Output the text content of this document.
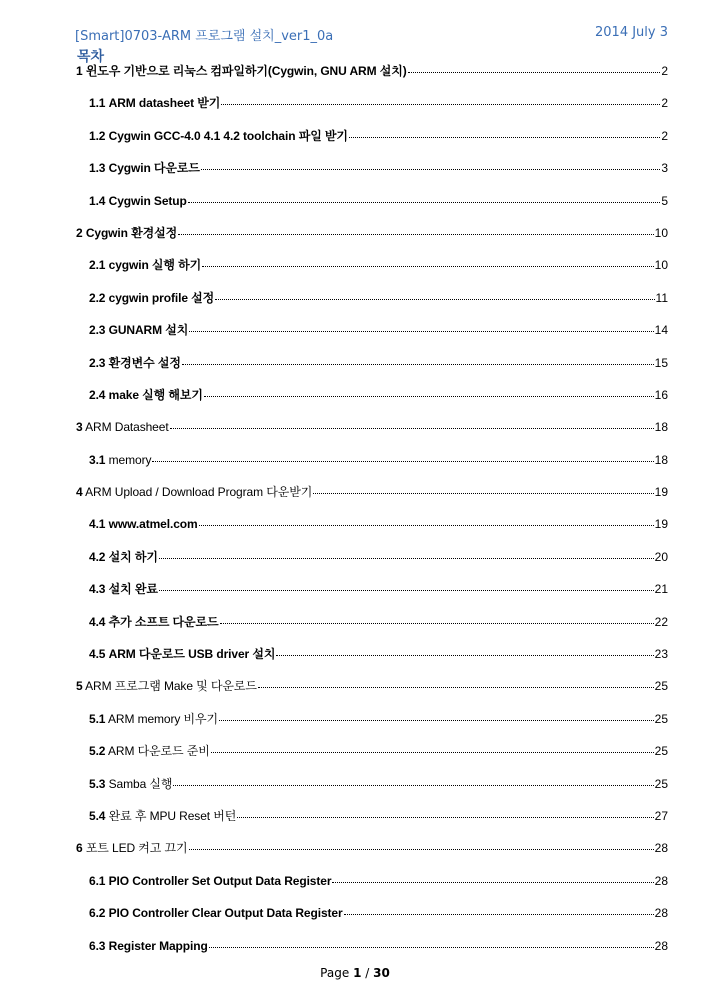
[Smart]0703-ARM 프로그램 설치_ver1_0a	2014 July 3
목차
1 윈도우 기반으로 리눅스 컴파일하기(Cygwin, GNU ARM 설치)	2
1.1 ARM datasheet 받기	2
1.2 Cygwin GCC-4.0 4.1 4.2 toolchain 파일 받기	2
1.3 Cygwin 다운로드	3
1.4 Cygwin Setup	5
2 Cygwin 환경설정	10
2.1 cygwin 실행 하기	10
2.2 cygwin profile 설정	11
2.3 GUNARM 설치	14
2.3 환경변수 설정	15
2.4 make 실행 해보기	16
3 ARM Datasheet	18
3.1 memory	18
4 ARM Upload / Download Program 다운받기	19
4.1 www.atmel.com	19
4.2 설치 하기	20
4.3 설치 완료	21
4.4 추가 소프트 다운로드	22
4.5 ARM 다운로드 USB driver 설치	23
5 ARM 프로그램 Make 및 다운로드	25
5.1 ARM memory 비우기	25
5.2 ARM 다운로드 준비	25
5.3 Samba 실행	25
5.4 완료 후 MPU Reset 버턴	27
6 포트 LED 켜고 끄기	28
6.1 PIO Controller Set Output Data Register	28
6.2 PIO Controller Clear Output Data Register	28
6.3 Register Mapping	28
Page 1 / 30
